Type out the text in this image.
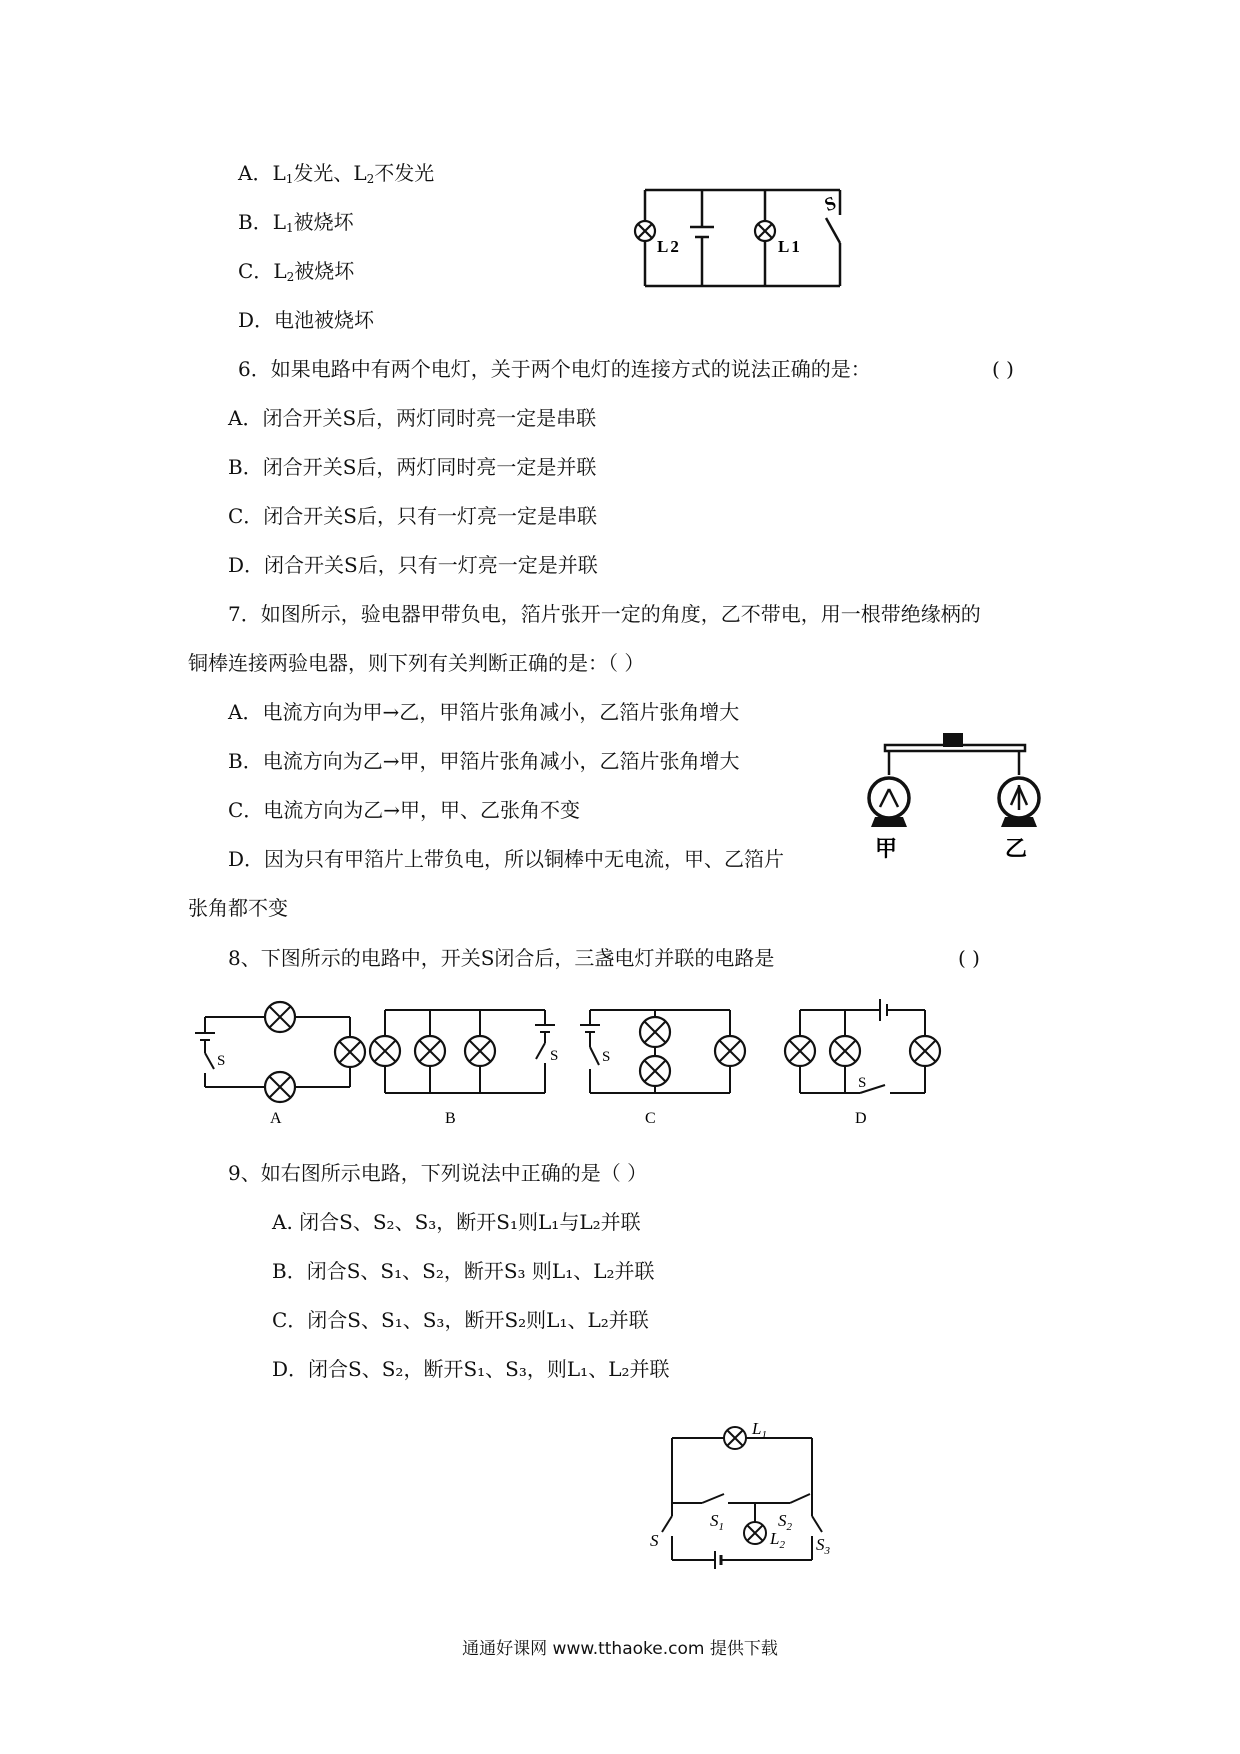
A．$L_1$发光、$L_2$不发光
B．$L_1$被烧坏
C．$L_2$被烧坏
D．电池被烧坏
L 2	L 1
S
6．如果电路中有两个电灯，关于两个电灯的连接方式的说法正确的是：	( )
A．闭合开关S后，两灯同时亮一定是串联
B．闭合开关S后，两灯同时亮一定是并联
C．闭合开关S后，只有一灯亮一定是串联
D．闭合开关S后，只有一灯亮一定是并联
7．如图所示，验电器甲带负电，箔片张开一定的角度，乙不带电，用一根带绝缘柄的
铜棒连接两验电器，则下列有关判断正确的是：（ ）
A．电流方向为甲→乙，甲箔片张角减小，乙箔片张角增大
B．电流方向为乙→甲，甲箔片张角减小，乙箔片张角增大
C．电流方向为乙→甲，甲、乙张角不变
D．因为只有甲箔片上带负电，所以铜棒中无电流，甲、乙箔片
张角都不变
甲	乙
8、下图所示的电路中，开关S闭合后，三盏电灯并联的电路是	( )
S
A
S
B
S
C
S
D
9、如右图所示电路，下列说法中正确的是（ ）
A. 闭合S、S₂、S₃，断开S₁则L₁与L₂并联
B．闭合S、S₁、S₂，断开S₃ 则L₁、L₂并联
C．闭合S、S₁、S₃，断开S₂则L₁、L₂并联
D．闭合S、S₂，断开S₁、S₃，则L₁、L₂并联
$L_1$
$L_2$
$S_1$	$S_2$
$S_3$
S
通通好课网 www.tthaoke.com 提供下载
